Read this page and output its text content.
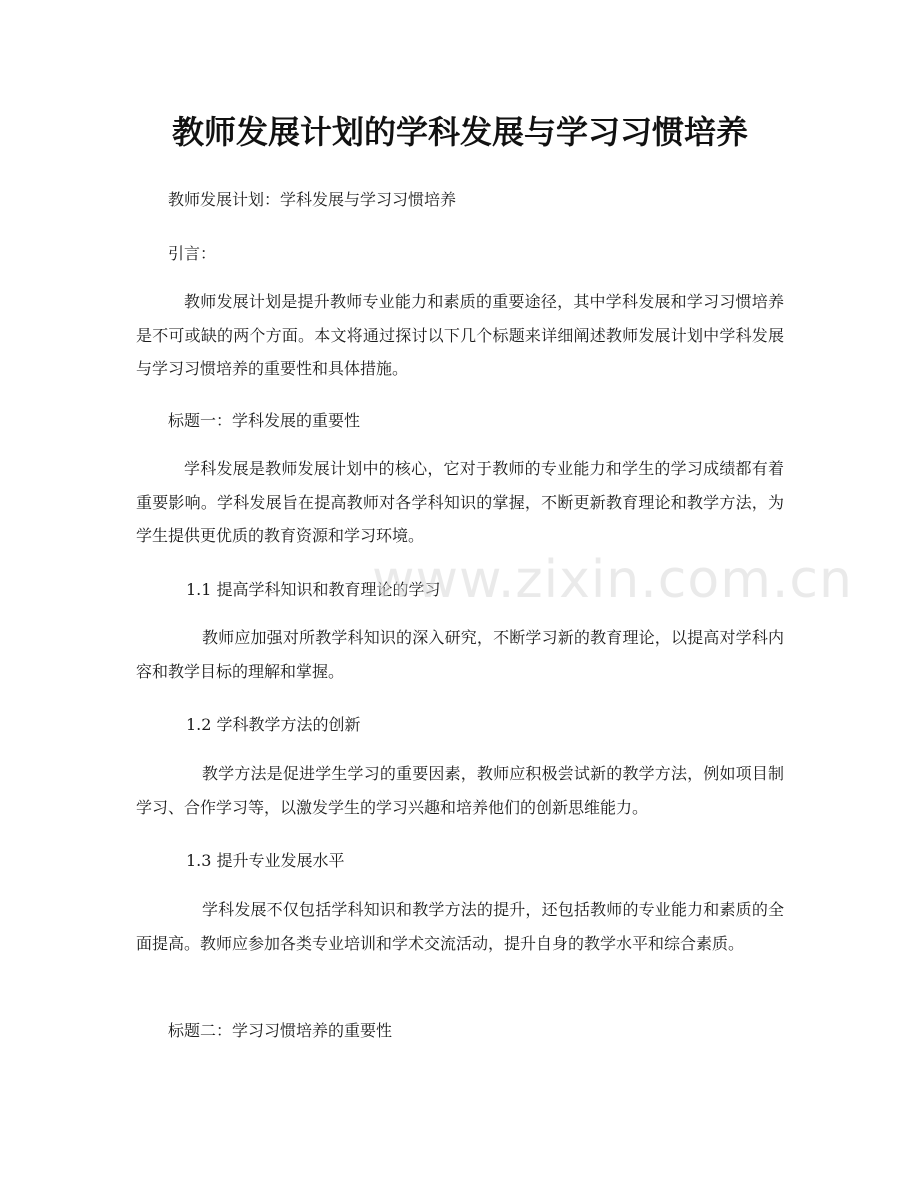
教师发展计划的学科发展与学习习惯培养

教师发展计划：学科发展与学习习惯培养

引言：

教师发展计划是提升教师专业能力和素质的重要途径，其中学科发展和学习习惯培养是不可或缺的两个方面。本文将通过探讨以下几个标题来详细阐述教师发展计划中学科发展与学习习惯培养的重要性和具体措施。

标题一：学科发展的重要性

学科发展是教师发展计划中的核心，它对于教师的专业能力和学生的学习成绩都有着重要影响。学科发展旨在提高教师对各学科知识的掌握，不断更新教育理论和教学方法，为学生提供更优质的教育资源和学习环境。

1.1 提高学科知识和教育理论的学习

教师应加强对所教学科知识的深入研究，不断学习新的教育理论，以提高对学科内容和教学目标的理解和掌握。

1.2 学科教学方法的创新

教学方法是促进学生学习的重要因素，教师应积极尝试新的教学方法，例如项目制学习、合作学习等，以激发学生的学习兴趣和培养他们的创新思维能力。

1.3 提升专业发展水平

学科发展不仅包括学科知识和教学方法的提升，还包括教师的专业能力和素质的全面提高。教师应参加各类专业培训和学术交流活动，提升自身的教学水平和综合素质。

标题二：学习习惯培养的重要性

www.zixin.com.cn
